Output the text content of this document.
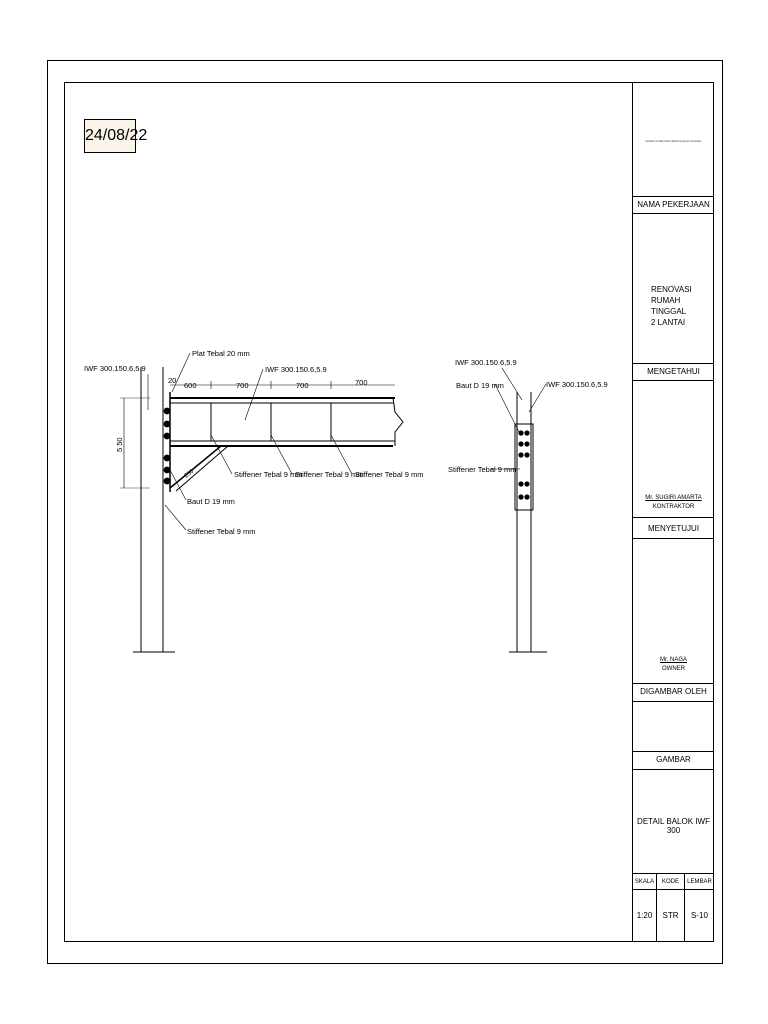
24/08/22
IWF 300.150.6,5.9
Plat Tebal 20 mm
IWF 300.150.6,5.9
20
600	700	700	700
5 50
250	Stiffener Tebal 9 mm
Stiffener Tebal 9 mm
Stiffener Tebal 9 mm
Baut D 19 mm
Stiffener Tebal 9 mm
IWF 300.150.6,5.9
Baut D 19 mm	IWF 300.150.6,5.9
Stiffener Tebal 9 mm
Gambar ini tidak boleh diubah tanpa izin konsultan
NAMA PEKERJAAN
RENOVASI
RUMAH TINGGAL
2 LANTAI
MENGETAHUI
Mr. SUGIRI AMARTA
KONTRAKTOR
MENYETUJUI
Mr. NAGA
OWNER
DIGAMBAR OLEH
GAMBAR
DETAIL BALOK IWF 300
SKALA	KODE	LEMBAR
1:20	STR	S-10
